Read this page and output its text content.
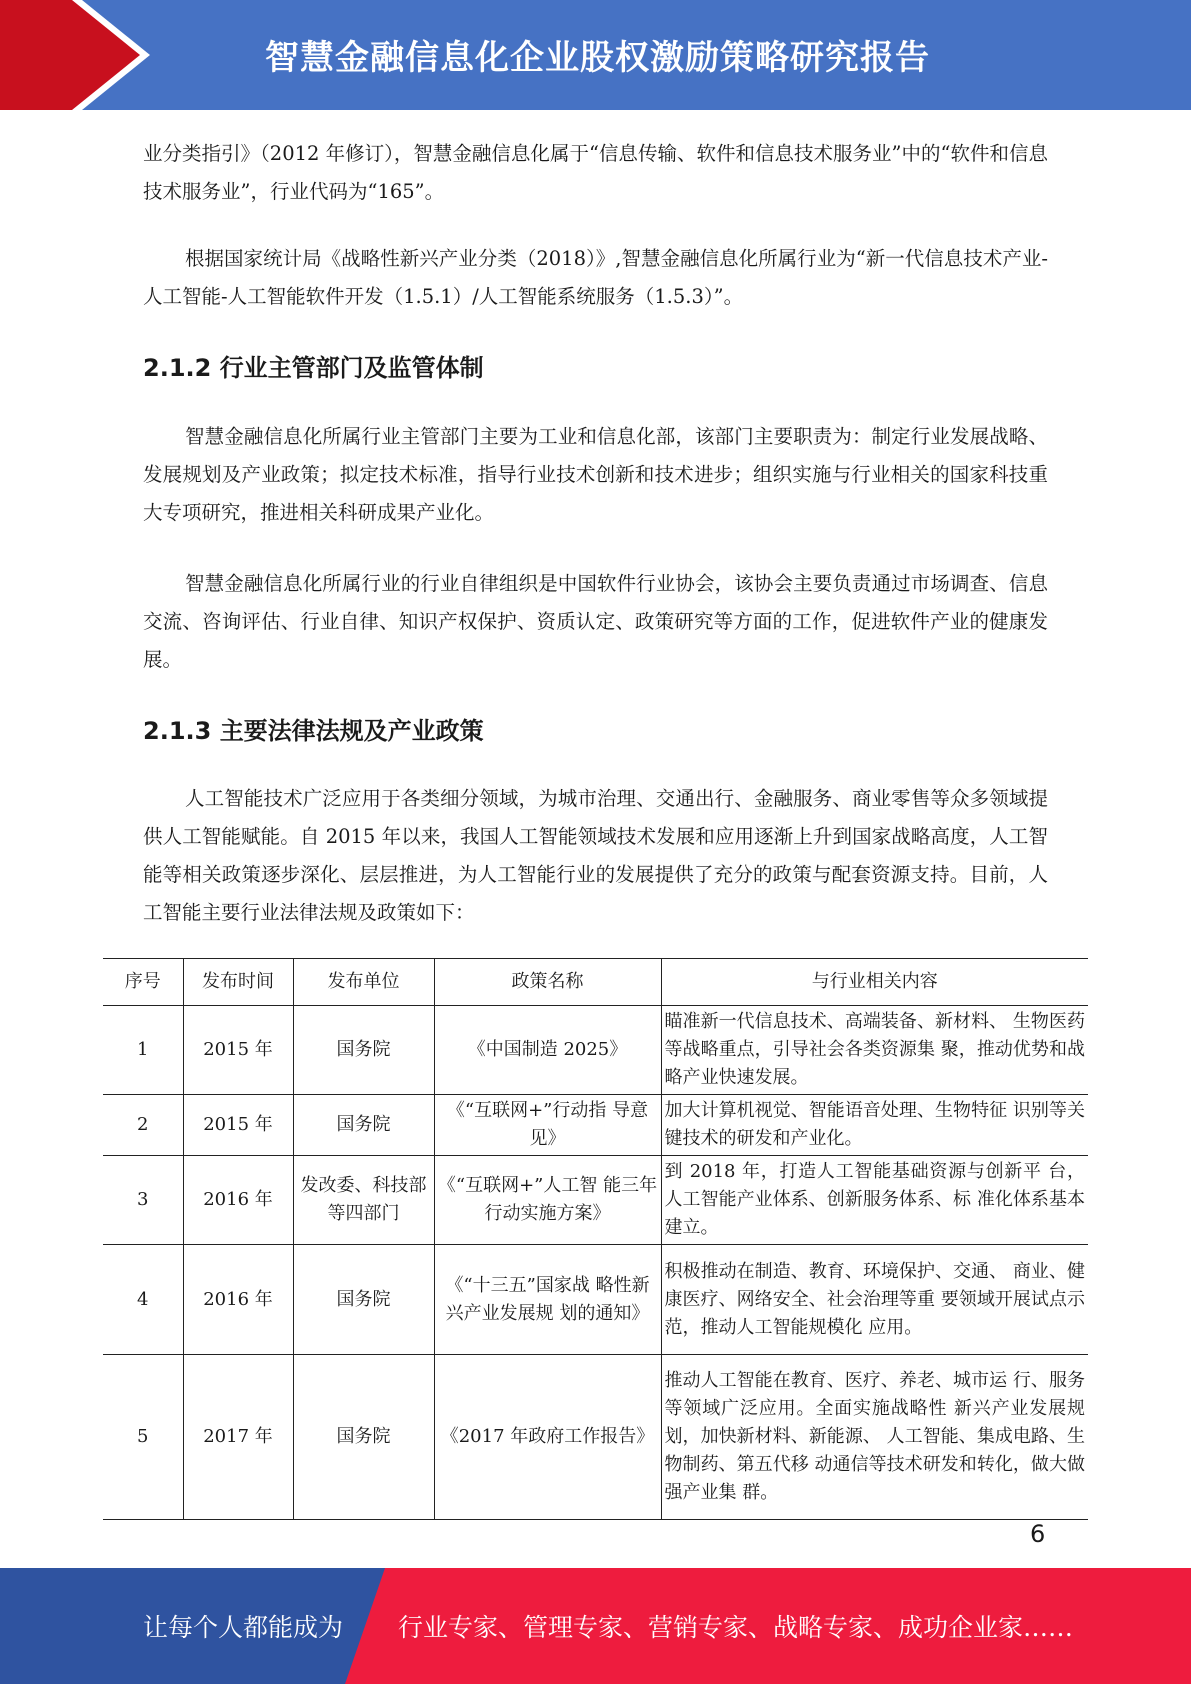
智慧金融信息化企业股权激励策略研究报告

业分类指引》（2012 年修订），智慧金融信息化属于“信息传输、软件和信息技术服务业”中的“软件和信息技术服务业”，行业代码为“165”。

根据国家统计局《战略性新兴产业分类（2018）》,智慧金融信息化所属行业为“新一代信息技术产业-人工智能-人工智能软件开发（1.5.1）/人工智能系统服务（1.5.3）”。

2.1.2 行业主管部门及监管体制

智慧金融信息化所属行业主管部门主要为工业和信息化部，该部门主要职责为：制定行业发展战略、发展规划及产业政策；拟定技术标准，指导行业技术创新和技术进步；组织实施与行业相关的国家科技重大专项研究，推进相关科研成果产业化。

智慧金融信息化所属行业的行业自律组织是中国软件行业协会，该协会主要负责通过市场调查、信息交流、咨询评估、行业自律、知识产权保护、资质认定、政策研究等方面的工作，促进软件产业的健康发展。

2.1.3 主要法律法规及产业政策

人工智能技术广泛应用于各类细分领域，为城市治理、交通出行、金融服务、商业零售等众多领域提供人工智能赋能。自 2015 年以来，我国人工智能领域技术发展和应用逐渐上升到国家战略高度，人工智能等相关政策逐步深化、层层推进，为人工智能行业的发展提供了充分的政策与配套资源支持。目前，人工智能主要行业法律法规及政策如下：

序号	发布时间	发布单位	政策名称	与行业相关内容
1	2015 年	国务院	《中国制造 2025》	瞄准新一代信息技术、高端装备、新材料、 生物医药等战略重点，引导社会各类资源集 聚，推动优势和战略产业快速发展。
2	2015 年	国务院	《“互联网+”行动指 导意见》	加大计算机视觉、智能语音处理、生物特征 识别等关键技术的研发和产业化。
3	2016 年	发改委、科技部等四部门	《“互联网+”人工智 能三年行动实施方案》	到 2018 年，打造人工智能基础资源与创新平 台，人工智能产业体系、创新服务体系、标 准化体系基本建立。
4	2016 年	国务院	《“十三五”国家战 略性新兴产业发展规 划的通知》	积极推动在制造、教育、环境保护、交通、 商业、健康医疗、网络安全、社会治理等重 要领域开展试点示范，推动人工智能规模化 应用。
5	2017 年	国务院	《2017 年政府工作报告》	推动人工智能在教育、医疗、养老、城市运 行、服务等领域广泛应用。全面实施战略性 新兴产业发展规划，加快新材料、新能源、 人工智能、集成电路、生物制药、第五代移 动通信等技术研发和转化，做大做强产业集 群。
6
让每个人都能成为 行业专家、管理专家、营销专家、战略专家、成功企业家……
